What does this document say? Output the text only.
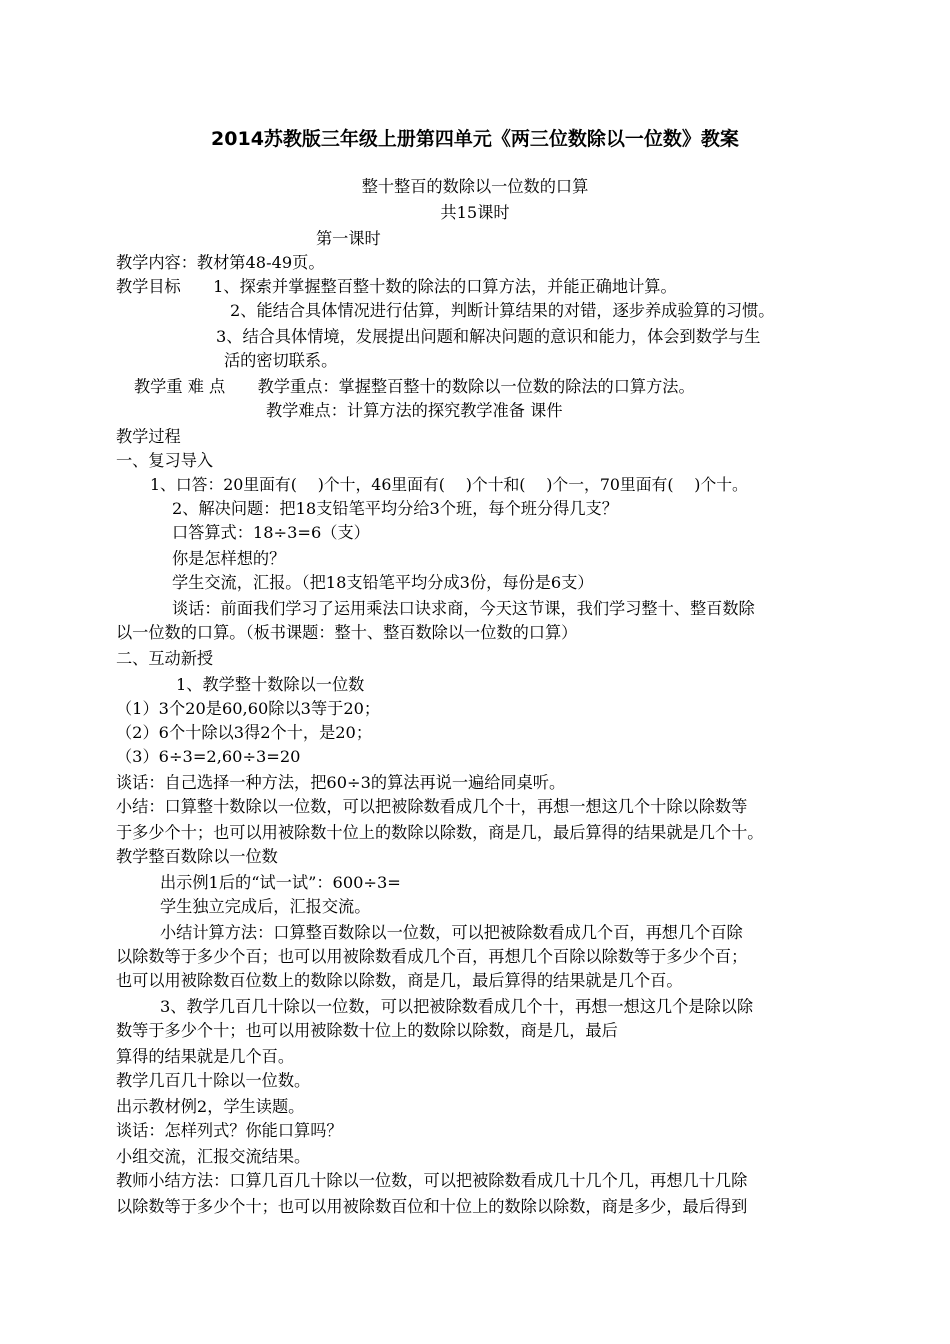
2014苏教版三年级上册第四单元《两三位数除以一位数》教案
整十整百的数除以一位数的口算
共15课时
第一课时
教学内容：教材第48-49页。
教学目标　　1、探索并掌握整百整十数的除法的口算方法，并能正确地计算。
2、能结合具体情况进行估算，判断计算结果的对错，逐步养成验算的习惯。
3、结合具体情境，发展提出问题和解决问题的意识和能力，体会到数学与生
活的密切联系。
教学重 难 点　　教学重点：掌握整百整十的数除以一位数的除法的口算方法。
教学难点：计算方法的探究教学准备 课件
教学过程
一、复习导入
1、口答：20里面有(　 )个十，46里面有(　 )个十和(　 )个一，70里面有(　 )个十。
2、解决问题：把18支铅笔平均分给3个班，每个班分得几支？
口答算式：18÷3=6（支）
你是怎样想的？
学生交流，汇报。（把18支铅笔平均分成3份，每份是6支）
谈话：前面我们学习了运用乘法口诀求商，今天这节课，我们学习整十、整百数除
以一位数的口算。（板书课题：整十、整百数除以一位数的口算）
二、互动新授
1、教学整十数除以一位数
（1）3个20是60,60除以3等于20；
（2）6个十除以3得2个十，是20；
（3）6÷3=2,60÷3=20
谈话：自己选择一种方法，把60÷3的算法再说一遍给同桌听。
小结：口算整十数除以一位数，可以把被除数看成几个十，再想一想这几个十除以除数等
于多少个十；也可以用被除数十位上的数除以除数，商是几，最后算得的结果就是几个十。
教学整百数除以一位数
出示例1后的“试一试”：600÷3=
学生独立完成后，汇报交流。
小结计算方法：口算整百数除以一位数，可以把被除数看成几个百，再想几个百除
以除数等于多少个百；也可以用被除数看成几个百，再想几个百除以除数等于多少个百；
也可以用被除数百位数上的数除以除数，商是几，最后算得的结果就是几个百。
3、教学几百几十除以一位数，可以把被除数看成几个十，再想一想这几个是除以除
数等于多少个十；也可以用被除数十位上的数除以除数，商是几，最后
算得的结果就是几个百。
教学几百几十除以一位数。
出示教材例2，学生读题。
谈话：怎样列式？你能口算吗？
小组交流，汇报交流结果。
教师小结方法：口算几百几十除以一位数，可以把被除数看成几十几个几，再想几十几除
以除数等于多少个十；也可以用被除数百位和十位上的数除以除数，商是多少，最后得到
